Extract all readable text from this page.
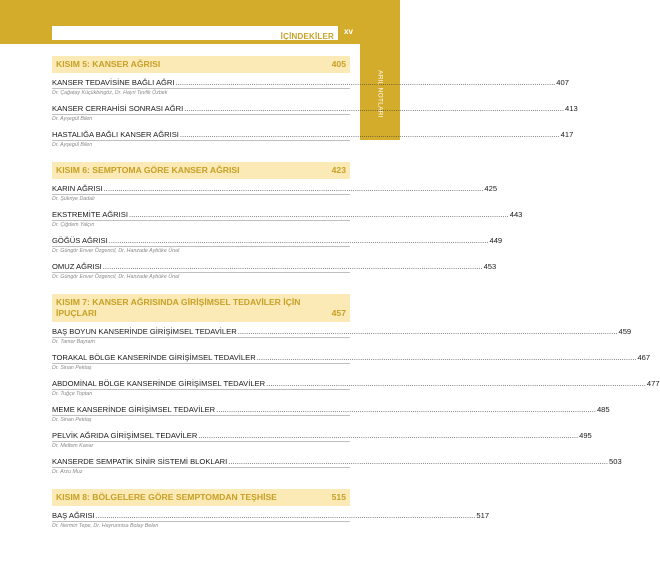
İÇİNDEKİLER
xv
ARIL NOTLARI
KISIM 5: KANSER AĞRISI	405
KANSER TEDAVİSİNE BAĞLI AĞRI .................................................................................................................................................................................... 407
Dr. Çağatay Küçükbingöz, Dr. Hayri Tevfik Özbek
KANSER CERRAHİSİ SONRASI AĞRI .................................................................................................................................................................................... 413
Dr. Ayşegül Bilen
HASTALIĞA BAĞLI KANSER AĞRISI .................................................................................................................................................................................... 417
Dr. Ayşegül Bilen
KISIM 6: SEMPTOMA GÖRE KANSER AĞRISI	423
KARIN AĞRISI .................................................................................................................................................................................... 425
Dr. Şükriye Dadalı
EKSTREMİTE AĞRISI .................................................................................................................................................................................... 443
Dr. Çiğdem Yalçın
GÖĞÜS AĞRISI .................................................................................................................................................................................... 449
Dr. Güngör Enver Özgencil, Dr. Hanzade Aybüke Ünal
OMUZ AĞRISI .................................................................................................................................................................................... 453
Dr. Güngör Enver Özgencil, Dr. Hanzade Aybüke Ünal
KISIM 7: KANSER AĞRISINDA GİRİŞİMSEL TEDAVİLER İÇİN İPUÇLARI	457
BAŞ BOYUN KANSERİNDE GİRİŞİMSEL TEDAVİLER .................................................................................................................................................................................... 459
Dr. Tamer Bayram
TORAKAL BÖLGE KANSERİNDE GİRİŞİMSEL TEDAVİLER .................................................................................................................................................................................... 467
Dr. Sinan Pektaş
ABDOMİNAL BÖLGE KANSERİNDE GİRİŞİMSEL TEDAVİLER .................................................................................................................................................................................... 477
Dr. Tuğçe Toptan
MEME KANSERİNDE GİRİŞİMSEL TEDAVİLER .................................................................................................................................................................................... 485
Dr. Sinan Pektaş
PELVİK AĞRIDA GİRİŞİMSEL TEDAVİLER .................................................................................................................................................................................... 495
Dr. Meltem Kanar
KANSERDE SEMPATİK SİNİR SİSTEMİ BLOKLARI .................................................................................................................................................................................... 503
Dr. Arzu Muz
KISIM 8: BÖLGELERE GÖRE SEMPTOMDAN TEŞHİSE	515
BAŞ AĞRISI .................................................................................................................................................................................... 517
Dr. Nermin Tepe, Dr. Hayrunnisa Bolay Belen
